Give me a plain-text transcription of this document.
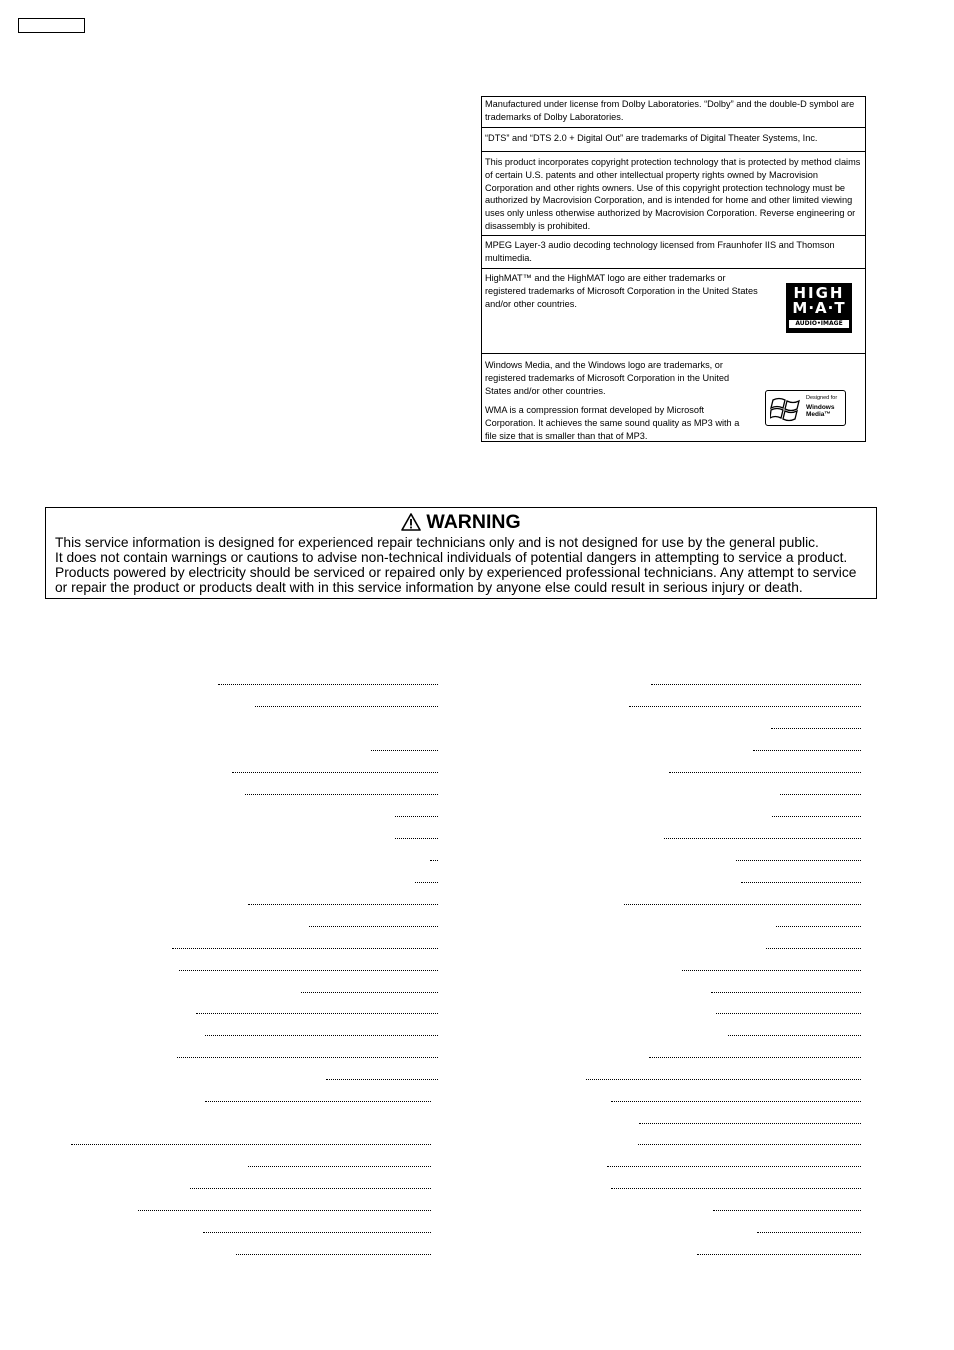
Manufactured under license from Dolby Laboratories. “Dolby” and the double-D symbol are trademarks of Dolby Laboratories.

“DTS” and “DTS 2.0 + Digital Out” are trademarks of Digital Theater Systems, Inc.

This product incorporates copyright protection technology that is protected by method claims of certain U.S. patents and other intellectual property rights owned by Macrovision Corporation and other rights owners. Use of this copyright protection technology must be authorized by Macrovision Corporation, and is intended for home and other limited viewing uses only unless otherwise authorized by Macrovision Corporation. Reverse engineering or disassembly is prohibited.

MPEG Layer-3 audio decoding technology licensed from Fraunhofer IIS and Thomson multimedia.

HighMAT™ and the HighMAT logo are either trademarks or registered trademarks of Microsoft Corporation in the United States and/or other countries.

HIGH
M·A·T
AUDIO•IMAGE

Windows Media, and the Windows logo are trademarks, or registered trademarks of Microsoft Corporation in the United States and/or other countries.

WMA is a compression format developed by Microsoft Corporation. It achieves the same sound quality as MP3 with a file size that is smaller than that of MP3.

Designed for
Windows
Media™
WARNING
This service information is designed for experienced repair technicians only and is not designed for use by the general public.
It does not contain warnings or cautions to advise non-technical individuals of potential dangers in attempting to service a product.
Products powered by electricity should be serviced or repaired only by experienced professional technicians. Any attempt to service
or repair the product or products dealt with in this service information by anyone else could result in serious injury or death.
